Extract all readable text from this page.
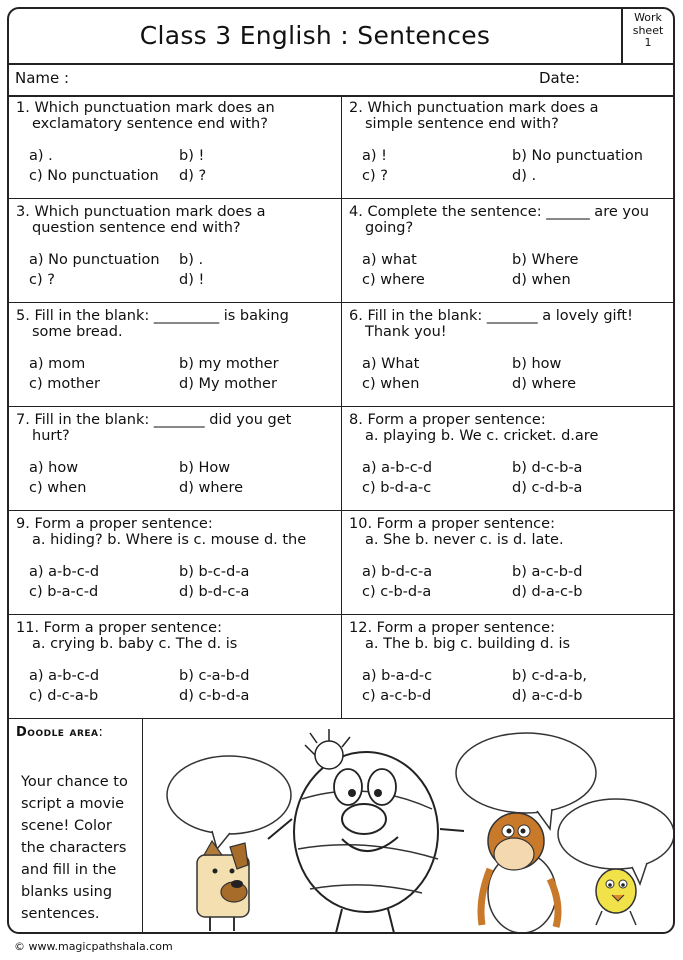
Class 3 English : Sentences
Work
sheet
1
Name :	Date:
1. Which punctuation mark does an
exclamatory sentence end with?
a) .	b) !
c) No punctuation d) ?
2. Which punctuation mark does a
simple sentence end with?
a) !	b) No punctuation
c) ?	d) .
3. Which punctuation mark does a
question sentence end with?
a) No punctuation b) .
c) ?	d) !
4. Complete the sentence: ______ are you
going?
a) what	b) Where
c) where	d) when
5. Fill in the blank: _________ is baking
some bread.
a) mom	b) my mother
c) mother	d) My mother
6. Fill in the blank: _______ a lovely gift!
Thank you!
a) What	b) how
c) when	d) where
7. Fill in the blank: _______ did you get
hurt?
a) how	b) How
c) when	d) where
8. Form a proper sentence:
a. playing b. We c. cricket. d.are
a) a-b-c-d	b) d-c-b-a
c) b-d-a-c	d) c-d-b-a
9. Form a proper sentence:
a. hiding? b. Where is c. mouse d. the
a) a-b-c-d	b) b-c-d-a
c) b-a-c-d	d) b-d-c-a
10. Form a proper sentence:
a. She b. never c. is d. late.
a) b-d-c-a	b) a-c-b-d
c) c-b-d-a	d) d-a-c-b
11. Form a proper sentence:
a. crying b. baby c. The d. is
a) a-b-c-d	b) c-a-b-d
c) d-c-a-b	d) c-b-d-a
12. Form a proper sentence:
a. The b. big c. building d. is
a) b-a-d-c	b) c-d-a-b,
c) a-c-b-d	d) a-c-d-b
Doodle area:
Your chance to
script a movie
scene! Color
the characters
and fill in the
blanks using
sentences.
© www.magicpathshala.com
